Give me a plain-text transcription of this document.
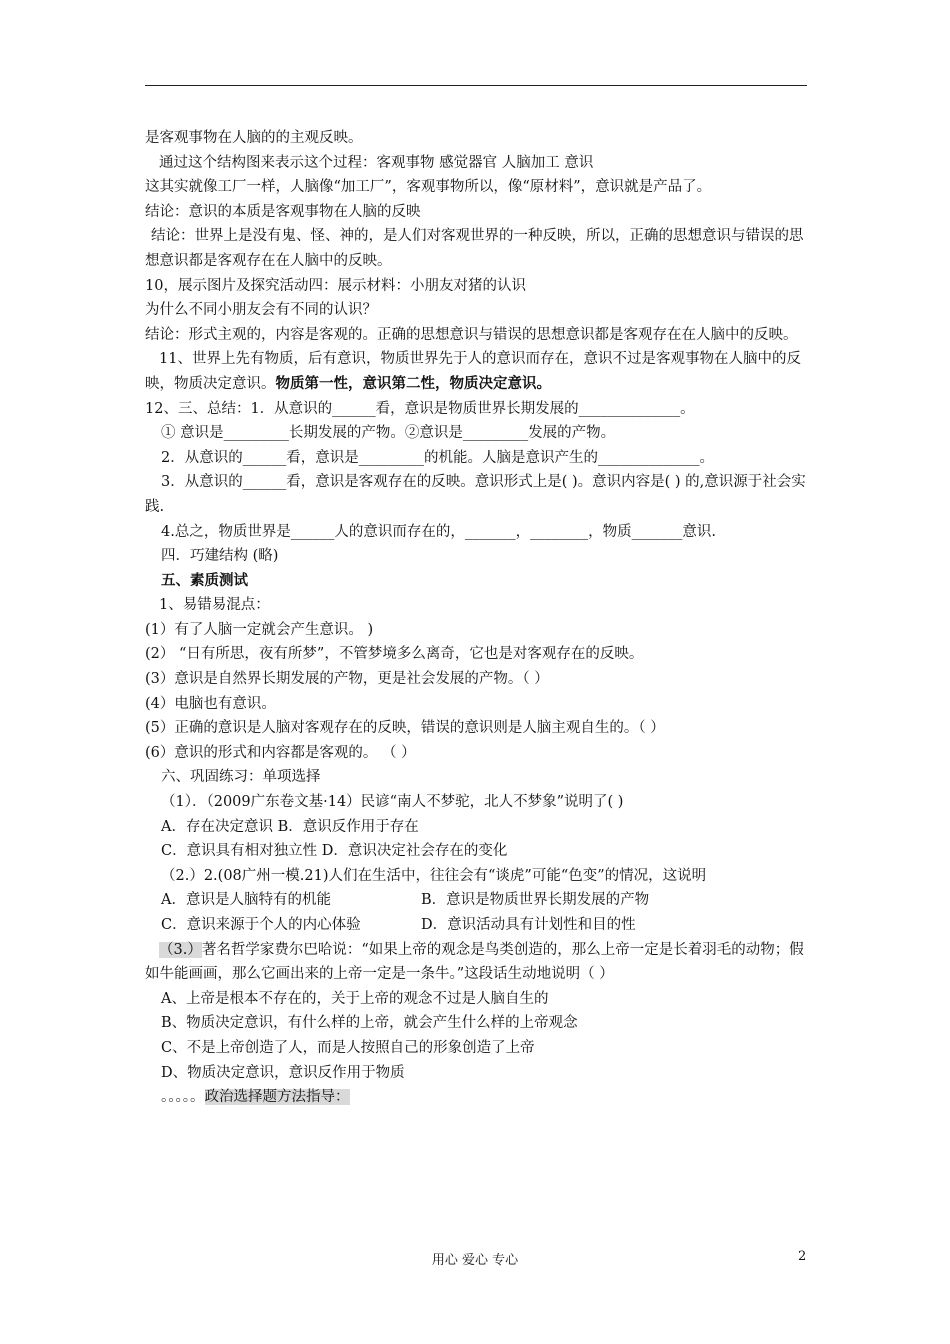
是客观事物在人脑的的主观反映。
通过这个结构图来表示这个过程：客观事物 感觉器官 人脑加工 意识
这其实就像工厂一样，人脑像“加工厂”，客观事物所以，像“原材料”，意识就是产品了。
结论：意识的本质是客观事物在人脑的反映
结论：世界上是没有鬼、怪、神的，是人们对客观世界的一种反映，所以，正确的思想意识与错误的思想意识都是客观存在在人脑中的反映。
10，展示图片及探究活动四：展示材料：小朋友对猪的认识
为什么不同小朋友会有不同的认识？
结论：形式主观的，内容是客观的。正确的思想意识与错误的思想意识都是客观存在在人脑中的反映。
11、世界上先有物质，后有意识，物质世界先于人的意识而存在，意识不过是客观事物在人脑中的反映，物质决定意识。物质第一性，意识第二性，物质决定意识。
12、三、总结：1．从意识的______看，意识是物质世界长期发展的______________。
① 意识是_________长期发展的产物。②意识是_________发展的产物。
2．从意识的______看，意识是_________的机能。人脑是意识产生的______________。
3．从意识的______看，意识是客观存在的反映。意识形式上是( )。意识内容是( ) 的,意识源于社会实践.
4.总之，物质世界是______人的意识而存在的，_______，________，物质_______意识.
四．巧建结构 (略)
五、素质测试
1、易错易混点：
(1）有了人脑一定就会产生意识。 )
(2） “日有所思，夜有所梦”，不管梦境多么离奇，它也是对客观存在的反映。
(3）意识是自然界长期发展的产物，更是社会发展的产物。（ ）
(4）电脑也有意识。
(5）正确的意识是人脑对客观存在的反映，错误的意识则是人脑主观自生的。（ ）
(6）意识的形式和内容都是客观的。 （ ）
六、巩固练习：单项选择
（1）．（2009广东卷文基·14）民谚“南人不梦驼，北人不梦象”说明了( )
A．存在决定意识 B．意识反作用于存在
C．意识具有相对独立性 D．意识决定社会存在的变化
（2.）2.(08广州一模.21)人们在生活中，往往会有“谈虎”可能“色变”的情况，这说明
A．意识是人脑特有的机能	B．意识是物质世界长期发展的产物
C．意识来源于个人的内心体验	D．意识活动具有计划性和目的性
（3.）著名哲学家费尔巴哈说：“如果上帝的观念是鸟类创造的，那么上帝一定是长着羽毛的动物；假如牛能画画，那么它画出来的上帝一定是一条牛。”这段话生动地说明（ ）
A、上帝是根本不存在的，关于上帝的观念不过是人脑自生的
B、物质决定意识，有什么样的上帝，就会产生什么样的上帝观念
C、不是上帝创造了人，而是人按照自己的形象创造了上帝
D、物质决定意识，意识反作用于物质
。。。。。政治选择题方法指导：
用心 爱心 专心	2
